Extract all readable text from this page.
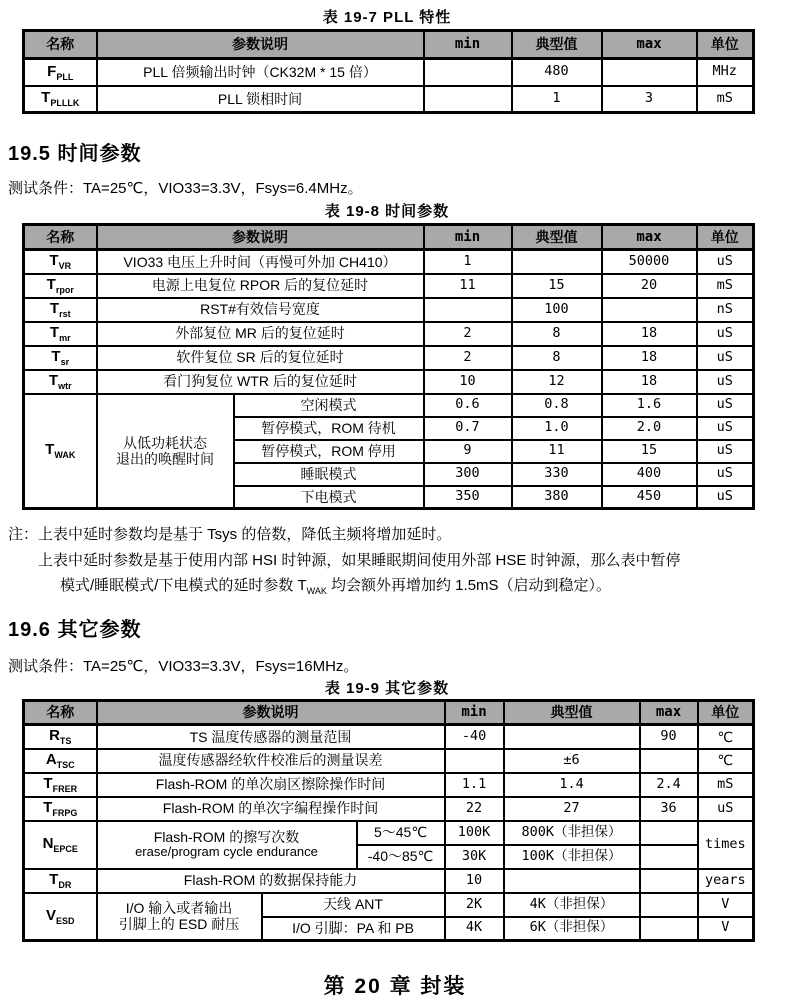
表 19-7 PLL 特性
名称	参数说明	min	典型值	max	单位
$F_{PLL}$	PLL 倍频输出时钟（CK32M * 15 倍）		480		MHz
$T_{PLLLK}$	PLL 锁相时间		1	3	mS
19.5 时间参数
测试条件：TA=25℃，VIO33=3.3V，Fsys=6.4MHz。
表 19-8 时间参数
名称	参数说明		min	典型值	max	单位
$T_{VR}$	VIO33 电压上升时间（再慢可外加 CH410）		1		50000	uS
$T_{rpor}$	电源上电复位 RPOR 后的复位延时		11	15	20	mS
$T_{rst}$	RST#有效信号宽度			100		nS
$T_{mr}$	外部复位 MR 后的复位延时		2	8	18	uS
$T_{sr}$	软件复位 SR 后的复位延时		2	8	18	uS
$T_{wtr}$	看门狗复位 WTR 后的复位延时		10	12	18	uS
$T_{WAK}$	从低功耗状态
退出的唤醒时间	空闲模式	0.6	0.8	1.6	uS
		暂停模式，ROM 待机	0.7	1.0	2.0	uS
		暂停模式，ROM 停用	9	11	15	uS
		睡眠模式	300	330	400	uS
		下电模式	350	380	450	uS
注：上表中延时参数均是基于 Tsys 的倍数，降低主频将增加延时。
上表中延时参数是基于使用内部 HSI 时钟源，如果睡眠期间使用外部 HSE 时钟源，那么表中暂停
模式/睡眠模式/下电模式的延时参数 $T_{WAK}$ 均会额外再增加约 1.5mS（启动到稳定）。
19.6 其它参数
测试条件：TA=25℃，VIO33=3.3V，Fsys=16MHz。
表 19-9 其它参数
名称	参数说明			min	典型值	max	单位
$R_{TS}$	TS 温度传感器的测量范围			-40		90	℃
$A_{TSC}$	温度传感器经软件校准后的测量误差				±6		℃
$T_{FRER}$	Flash-ROM 的单次扇区擦除操作时间			1.1	1.4	2.4	mS
$T_{FRPG}$	Flash-ROM 的单次字编程操作时间			22	27	36	uS
$N_{EPCE}$	Flash-ROM 的擦写次数
erase/program cycle endurance		5～45℃	100K	800K（非担保）		times
			-40～85℃	30K	100K（非担保）		
$T_{DR}$	Flash-ROM 的数据保持能力			10			years
$V_{ESD}$	I/O 输入或者输出
引脚上的 ESD 耐压	天线 ANT		2K	4K（非担保）		V
		I/O 引脚：PA 和 PB		4K	6K（非担保）		V
第 20 章 封装
